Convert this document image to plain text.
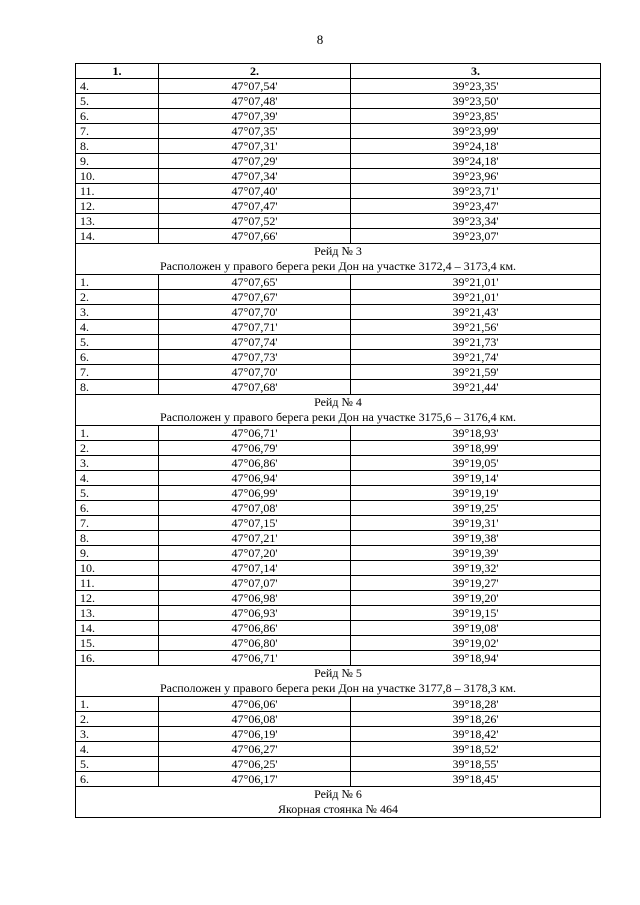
8
1.	2.	3.
4.	47°07,54'	39°23,35'
5.	47°07,48'	39°23,50'
6.	47°07,39'	39°23,85'
7.	47°07,35'	39°23,99'
8.	47°07,31'	39°24,18'
9.	47°07,29'	39°24,18'
10.	47°07,34'	39°23,96'
11.	47°07,40'	39°23,71'
12.	47°07,47'	39°23,47'
13.	47°07,52'	39°23,34'
14.	47°07,66'	39°23,07'

Рейд № 3
Расположен у правого берега реки Дон на участке 3172,4 – 3173,4 км.		

1.	47°07,65'	39°21,01'
2.	47°07,67'	39°21,01'
3.	47°07,70'	39°21,43'
4.	47°07,71'	39°21,56'
5.	47°07,74'	39°21,73'
6.	47°07,73'	39°21,74'
7.	47°07,70'	39°21,59'
8.	47°07,68'	39°21,44'

Рейд № 4
Расположен у правого берега реки Дон на участке 3175,6 – 3176,4 км.		

1.	47°06,71'	39°18,93'
2.	47°06,79'	39°18,99'
3.	47°06,86'	39°19,05'
4.	47°06,94'	39°19,14'
5.	47°06,99'	39°19,19'
6.	47°07,08'	39°19,25'
7.	47°07,15'	39°19,31'
8.	47°07,21'	39°19,38'
9.	47°07,20'	39°19,39'
10.	47°07,14'	39°19,32'
11.	47°07,07'	39°19,27'
12.	47°06,98'	39°19,20'
13.	47°06,93'	39°19,15'
14.	47°06,86'	39°19,08'
15.	47°06,80'	39°19,02'
16.	47°06,71'	39°18,94'

Рейд № 5
Расположен у правого берега реки Дон на участке 3177,8 – 3178,3 км.		

1.	47°06,06'	39°18,28'
2.	47°06,08'	39°18,26'
3.	47°06,19'	39°18,42'
4.	47°06,27'	39°18,52'
5.	47°06,25'	39°18,55'
6.	47°06,17'	39°18,45'

Рейд № 6
Якорная стоянка № 464		
